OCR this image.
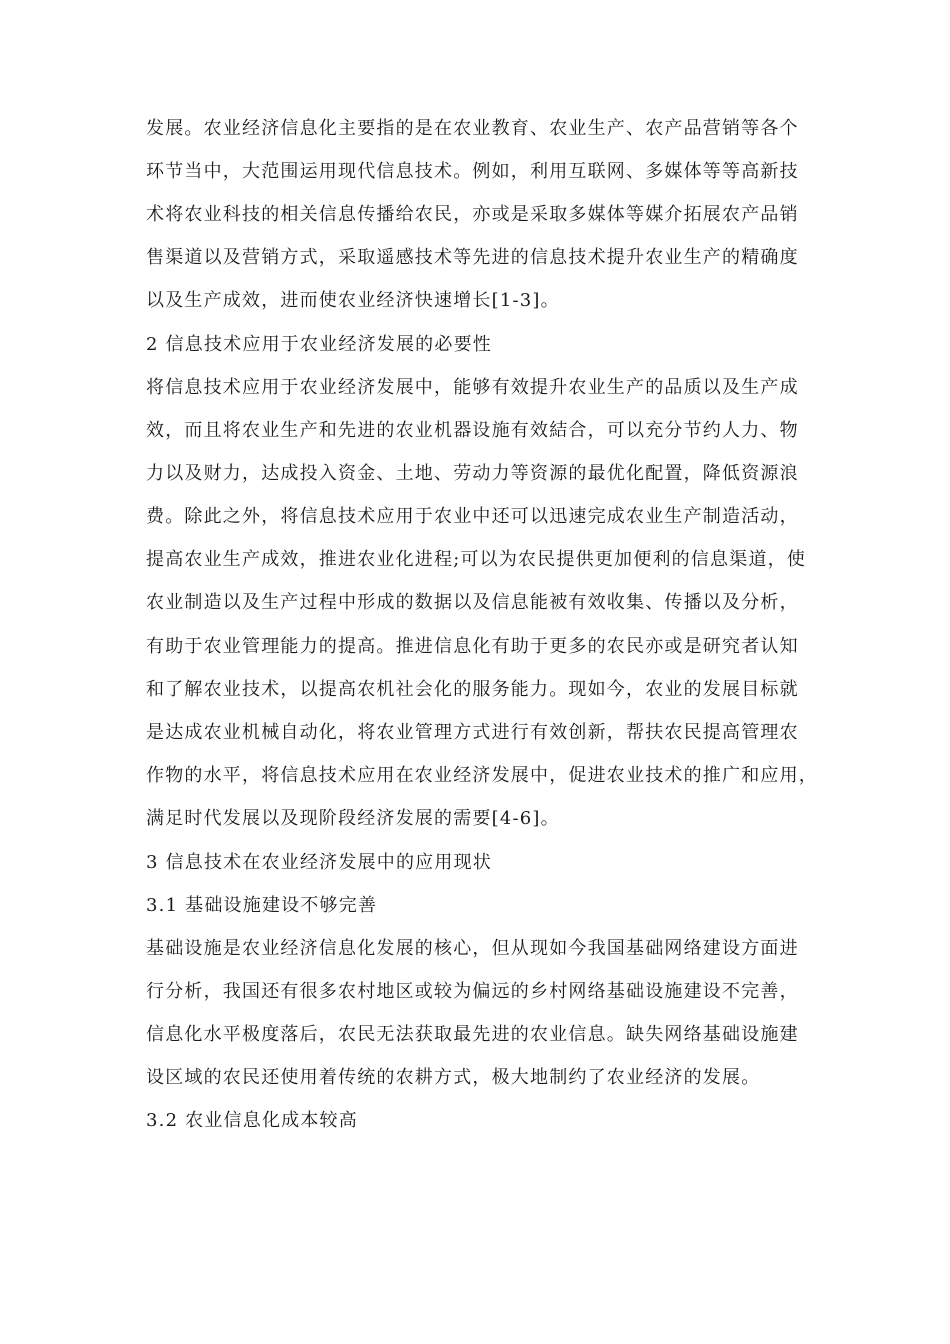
发展。农业经济信息化主要指的是在农业教育、农业生产、农产品营销等各个
环节当中，大范围运用现代信息技术。例如，利用互联网、多媒体等等高新技
术将农业科技的相关信息传播给农民，亦或是采取多媒体等媒介拓展农产品销
售渠道以及营销方式，采取遥感技术等先进的信息技术提升农业生产的精确度
以及生产成效，进而使农业经济快速增长[1-3]。
2 信息技术应用于农业经济发展的必要性
将信息技术应用于农业经济发展中，能够有效提升农业生产的品质以及生产成
效，而且将农业生产和先进的农业机器设施有效結合，可以充分节约人力、物
力以及财力，达成投入资金、土地、劳动力等资源的最优化配置，降低资源浪
费。除此之外，将信息技术应用于农业中还可以迅速完成农业生产制造活动，
提高农业生产成效，推进农业化进程;可以为农民提供更加便利的信息渠道，使
农业制造以及生产过程中形成的数据以及信息能被有效收集、传播以及分析，
有助于农业管理能力的提高。推进信息化有助于更多的农民亦或是研究者认知
和了解农业技术，以提高农机社会化的服务能力。现如今，农业的发展目标就
是达成农业机械自动化，将农业管理方式进行有效创新，帮扶农民提高管理农
作物的水平，将信息技术应用在农业经济发展中，促进农业技术的推广和应用，
满足时代发展以及现阶段经济发展的需要[4-6]。
3 信息技术在农业经济发展中的应用现状
3.1 基础设施建设不够完善
基础设施是农业经济信息化发展的核心，但从现如今我国基础网络建设方面进
行分析，我国还有很多农村地区或较为偏远的乡村网络基础设施建设不完善，
信息化水平极度落后，农民无法获取最先进的农业信息。缺失网络基础设施建
设区域的农民还使用着传统的农耕方式，极大地制约了农业经济的发展。
3.2 农业信息化成本较高
